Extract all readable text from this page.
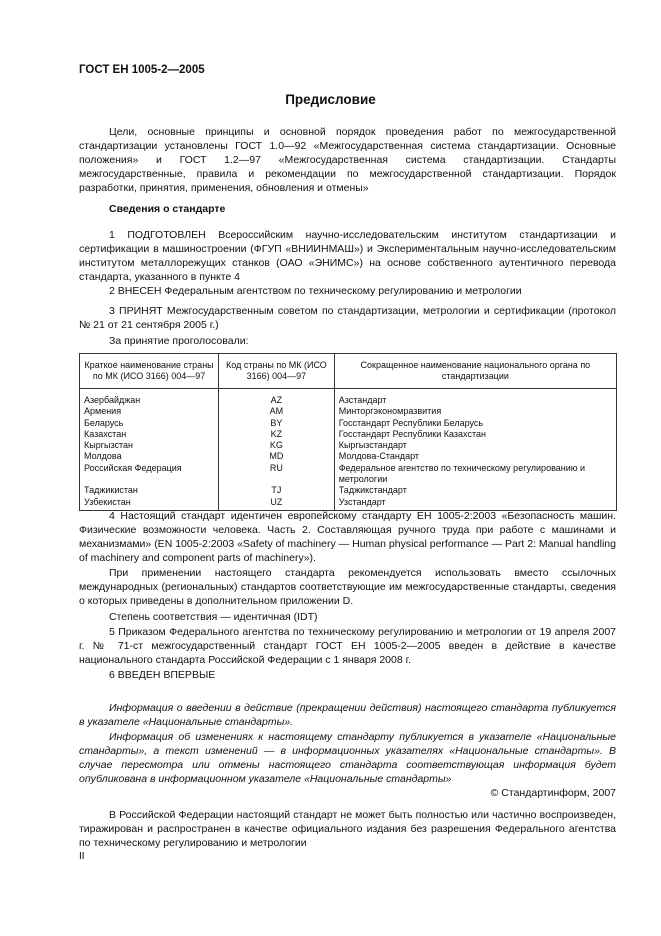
ГОСТ ЕН 1005-2—2005
Предисловие

Цели, основные принципы и основной порядок проведения работ по межгосударственной стандартизации установлены ГОСТ 1.0—92 «Межгосударственная система стандартизации. Основные положения» и ГОСТ 1.2—97 «Межгосударственная система стандартизации. Стандарты межгосударственные, правила и рекомендации по межгосударственной стандартизации. Порядок разработки, принятия, применения, обновления и отмены»

Сведения о стандарте

1 ПОДГОТОВЛЕН Всероссийским научно-исследовательским институтом стандартизации и сертификации в машиностроении (ФГУП «ВНИИНМАШ») и Экспериментальным научно-исследовательским институтом металлорежущих станков (ОАО «ЭНИМС») на основе собственного аутентичного перевода стандарта, указанного в пункте 4

2 ВНЕСЕН Федеральным агентством по техническому регулированию и метрологии

3 ПРИНЯТ Межгосударственным советом по стандартизации, метрологии и сертификации (протокол № 21 от 21 сентября 2005 г.)

За принятие проголосовали:

Краткое наименование страны по МК (ИСО 3166) 004—97	Код страны по МК (ИСО 3166) 004—97	Сокращенное наименование национального органа по стандартизации
Азербайджан	AZ	Азстандарт
Армения	AM	Минторгэкономразвития
Беларусь	BY	Госстандарт Республики Беларусь
Казахстан	KZ	Госстандарт Республики Казахстан
Кыргызстан	KG	Кыргызстандарт
Молдова	MD	Молдова-Стандарт
Российская Федерация	RU	Федеральное агентство по техническому регулированию и метрологии
Таджикистан	TJ	Таджикстандарт
Узбекистан	UZ	Узстандарт

4 Настоящий стандарт идентичен европейскому стандарту ЕН 1005-2:2003 «Безопасность машин. Физические возможности человека. Часть 2. Составляющая ручного труда при работе с машинами и механизмами» (EN 1005-2:2003 «Safety of machinery — Human physical performance — Part 2: Manual handling of machinery and component parts of machinery»).

При применении настоящего стандарта рекомендуется использовать вместо ссылочных международных (региональных) стандартов соответствующие им межгосударственные стандарты, сведения о которых приведены в дополнительном приложении D.

Степень соответствия — идентичная (IDT)

5 Приказом Федерального агентства по техническому регулированию и метрологии от 19 апреля 2007 г. № 71-ст межгосударственный стандарт ГОСТ ЕН 1005-2—2005 введен в действие в качестве национального стандарта Российской Федерации с 1 января 2008 г.

6 ВВЕДЕН ВПЕРВЫЕ

Информация о введении в действие (прекращении действия) настоящего стандарта публикуется в указателе «Национальные стандарты».

Информация об изменениях к настоящему стандарту публикуется в указателе «Национальные стандарты», а текст изменений — в информационных указателях «Национальные стандарты». В случае пересмотра или отмены настоящего стандарта соответствующая информация будет опубликована в информационном указателе «Национальные стандарты»

© Стандартинформ, 2007

В Российской Федерации настоящий стандарт не может быть полностью или частично воспроизведен, тиражирован и распространен в качестве официального издания без разрешения Федерального агентства по техническому регулированию и метрологии

II
